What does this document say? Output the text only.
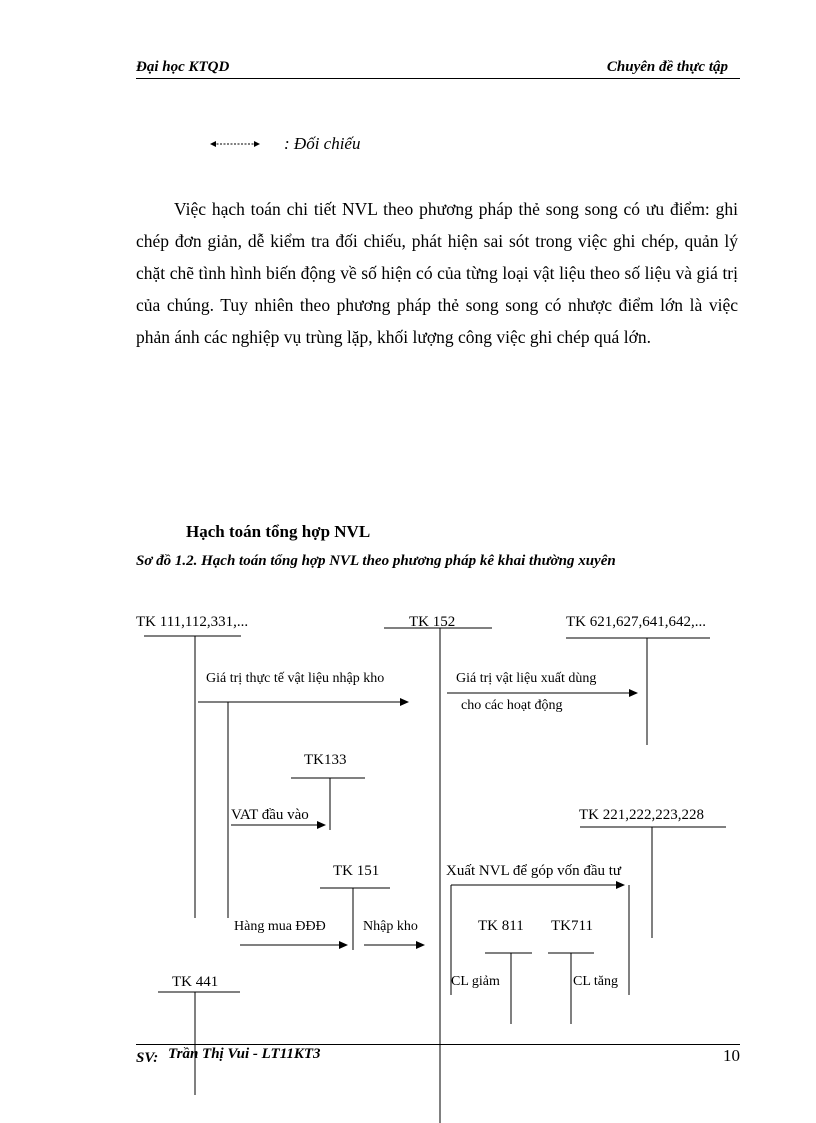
Đại học KTQD	Chuyên đề thực tập
: Đối chiếu

Việc hạch toán chi tiết NVL theo phương pháp thẻ song song có ưu điểm: ghi chép đơn giản, dễ kiểm tra đối chiếu, phát hiện sai sót trong việc ghi chép, quản lý chặt chẽ tình hình biến động về số hiện có của từng loại vật liệu theo số liệu và giá trị của chúng. Tuy nhiên theo phương pháp thẻ song song có nhược điểm lớn là việc phản ánh các nghiệp vụ trùng lặp, khối lượng công việc ghi chép quá lớn.

Hạch toán tổng hợp NVL
Sơ đồ 1.2. Hạch toán tổng hợp NVL theo phương pháp kê khai thường xuyên
TK 111,112,331,...	TK 152	TK 621,627,641,642,...
TK133
TK 221,222,223,228
TK 151
TK 811 TK711
TK 441
Giá trị thực tế vật liệu nhập kho	Giá trị vật liệu xuất dùng
cho các hoạt động
VAT đầu vào
Xuất NVL để góp vốn đầu tư
Hàng mua ĐĐĐ	Nhập kho
CL giảm	CL tăng
SV: Trần Thị Vui - LT11KT3	10
